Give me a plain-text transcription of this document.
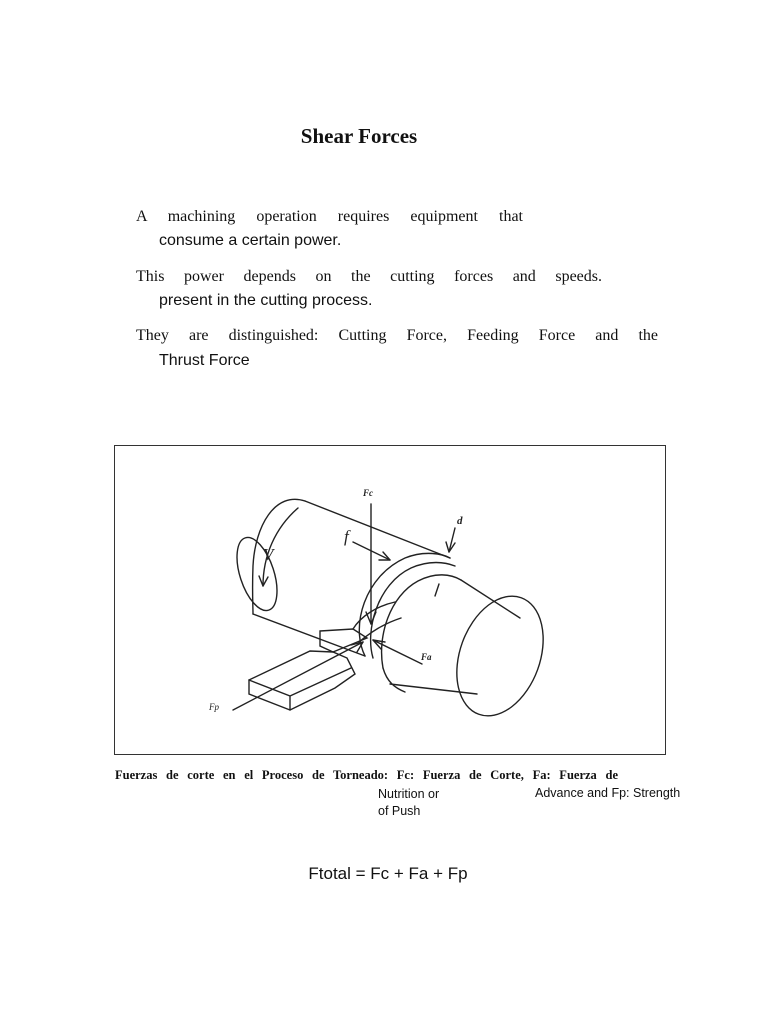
Shear Forces
A machining operation requires equipment that
consume a certain power.
This power depends on the cutting forces and speeds.
present in the cutting process.
They are distinguished: Cutting Force, Feeding Force and the
Thrust Force
Fc
d
f
V
Fa
Fp
Fuerzas de corte en el Proceso de Torneado: Fc: Fuerza de Corte, Fa: Fuerza de
Nutrition or	Advance and Fp: Strength
of Push
Ftotal = Fc + Fa + Fp
